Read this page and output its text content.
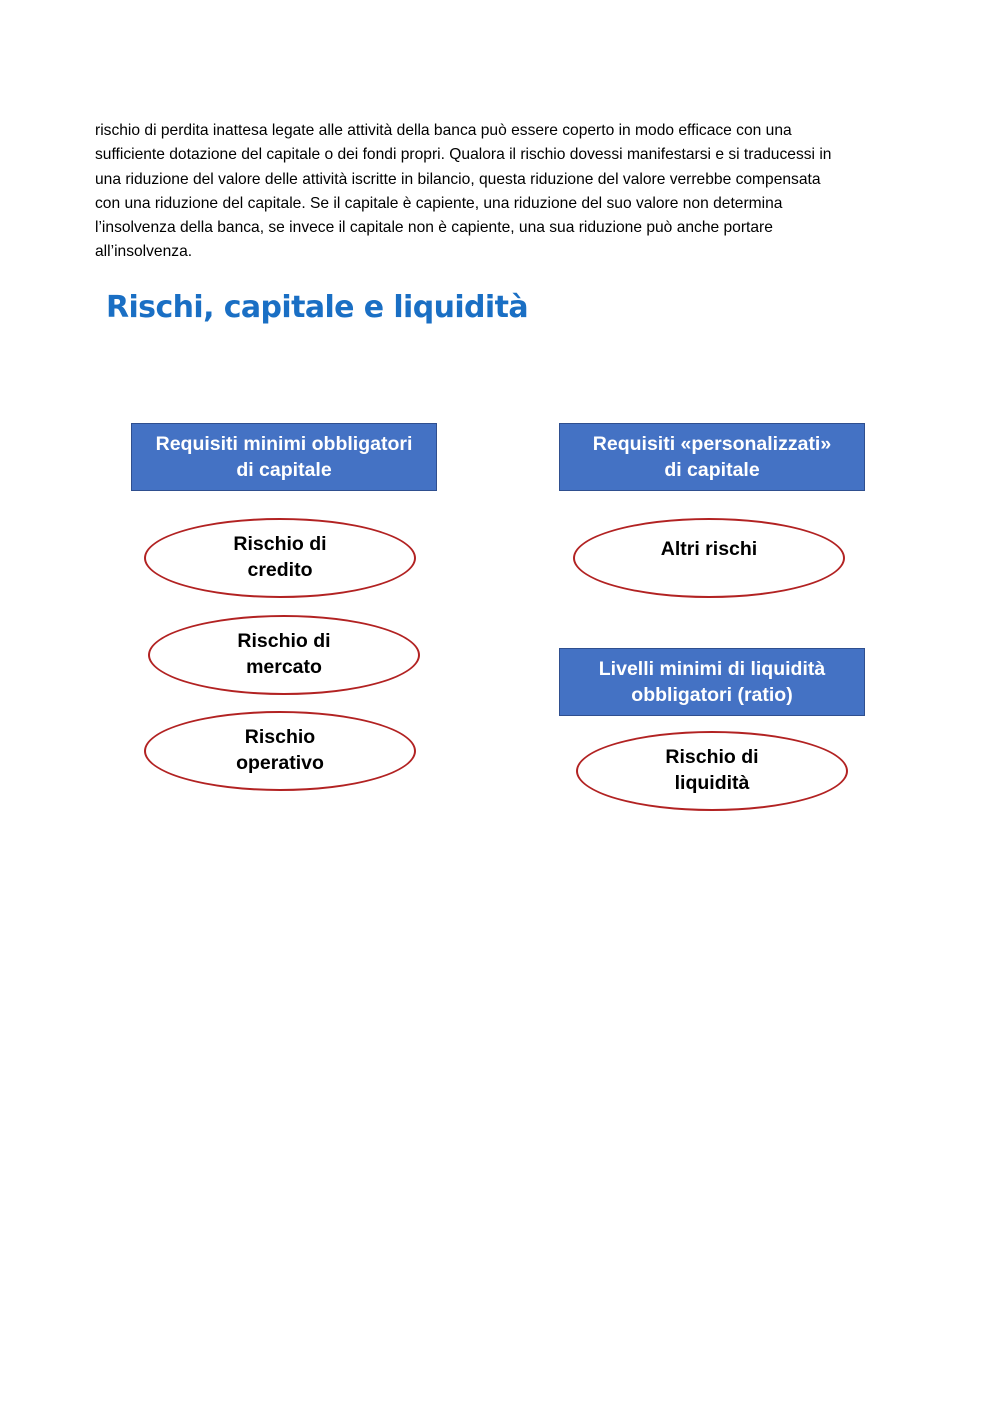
rischio di perdita inattesa legate alle attività della banca può essere coperto in modo efficace con una
sufficiente dotazione del capitale o dei fondi propri. Qualora il rischio dovessi manifestarsi e si traducessi in
una riduzione del valore delle attività iscritte in bilancio, questa riduzione del valore verrebbe compensata
con una riduzione del capitale. Se il capitale è capiente, una riduzione del suo valore non determina
l’insolvenza della banca, se invece il capitale non è capiente, una sua riduzione può anche portare
all’insolvenza.

Rischi, capitale e liquidità
Requisiti minimi obbligatori
di capitale
Rischio di
credito
Rischio di
mercato
Rischio
operativo
Requisiti «personalizzati»
di capitale
Altri rischi
Livelli minimi di liquidità
obbligatori (ratio)
Rischio di
liquidità
